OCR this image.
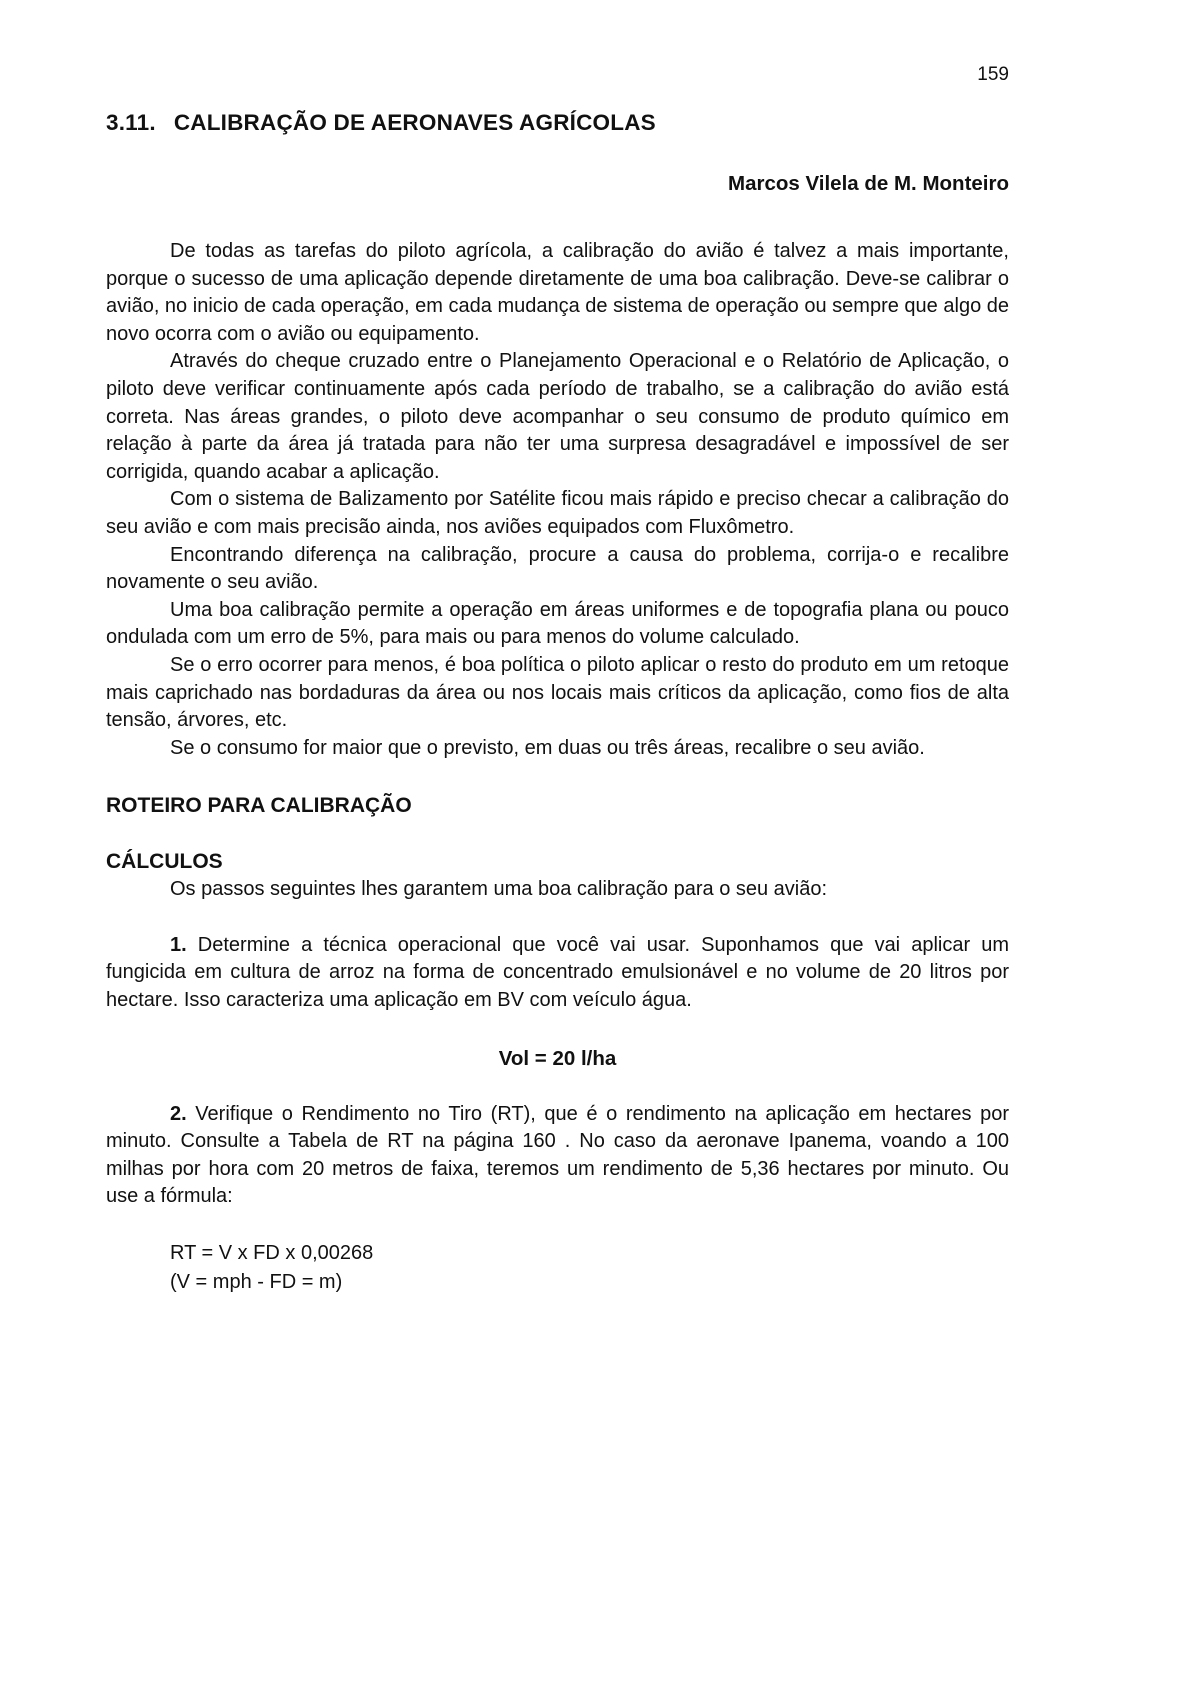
159
3.11. CALIBRAÇÃO DE AERONAVES AGRÍCOLAS
Marcos Vilela de M. Monteiro

De todas as tarefas do piloto agrícola, a calibração do avião é talvez a mais importante, porque o sucesso de uma aplicação depende diretamente de uma boa calibração. Deve-se calibrar o avião, no inicio de cada operação, em cada mudança de sistema de operação ou sempre que algo de novo ocorra com o avião ou equipamento.

Através do cheque cruzado entre o Planejamento Operacional e o Relatório de Aplicação, o piloto deve verificar continuamente após cada período de trabalho, se a calibração do avião está correta. Nas áreas grandes, o piloto deve acompanhar o seu consumo de produto químico em relação à parte da área já tratada para não ter uma surpresa desagradável e impossível de ser corrigida, quando acabar a aplicação.

Com o sistema de Balizamento por Satélite ficou mais rápido e preciso checar a calibração do seu avião e com mais precisão ainda, nos aviões equipados com Fluxômetro.

Encontrando diferença na calibração, procure a causa do problema, corrija-o e recalibre novamente o seu avião.

Uma boa calibração permite a operação em áreas uniformes e de topografia plana ou pouco ondulada com um erro de 5%, para mais ou para menos do volume calculado.

Se o erro ocorrer para menos, é boa política o piloto aplicar o resto do produto em um retoque mais caprichado nas bordaduras da área ou nos locais mais críticos da aplicação, como fios de alta tensão, árvores, etc.

Se o consumo for maior que o previsto, em duas ou três áreas, recalibre o seu avião.

ROTEIRO PARA CALIBRAÇÃO
CÁLCULOS

Os passos seguintes lhes garantem uma boa calibração para o seu avião:

1. Determine a técnica operacional que você vai usar. Suponhamos que vai aplicar um fungicida em cultura de arroz na forma de concentrado emulsionável e no volume de 20 litros por hectare. Isso caracteriza uma aplicação em BV com veículo água.

Vol = 20 l/ha

2. Verifique o Rendimento no Tiro (RT), que é o rendimento na aplicação em hectares por minuto. Consulte a Tabela de RT na página 160 . No caso da aeronave Ipanema, voando a 100 milhas por hora com 20 metros de faixa, teremos um rendimento de 5,36 hectares por minuto. Ou use a fórmula:

RT = V x FD x 0,00268
(V = mph - FD = m)
